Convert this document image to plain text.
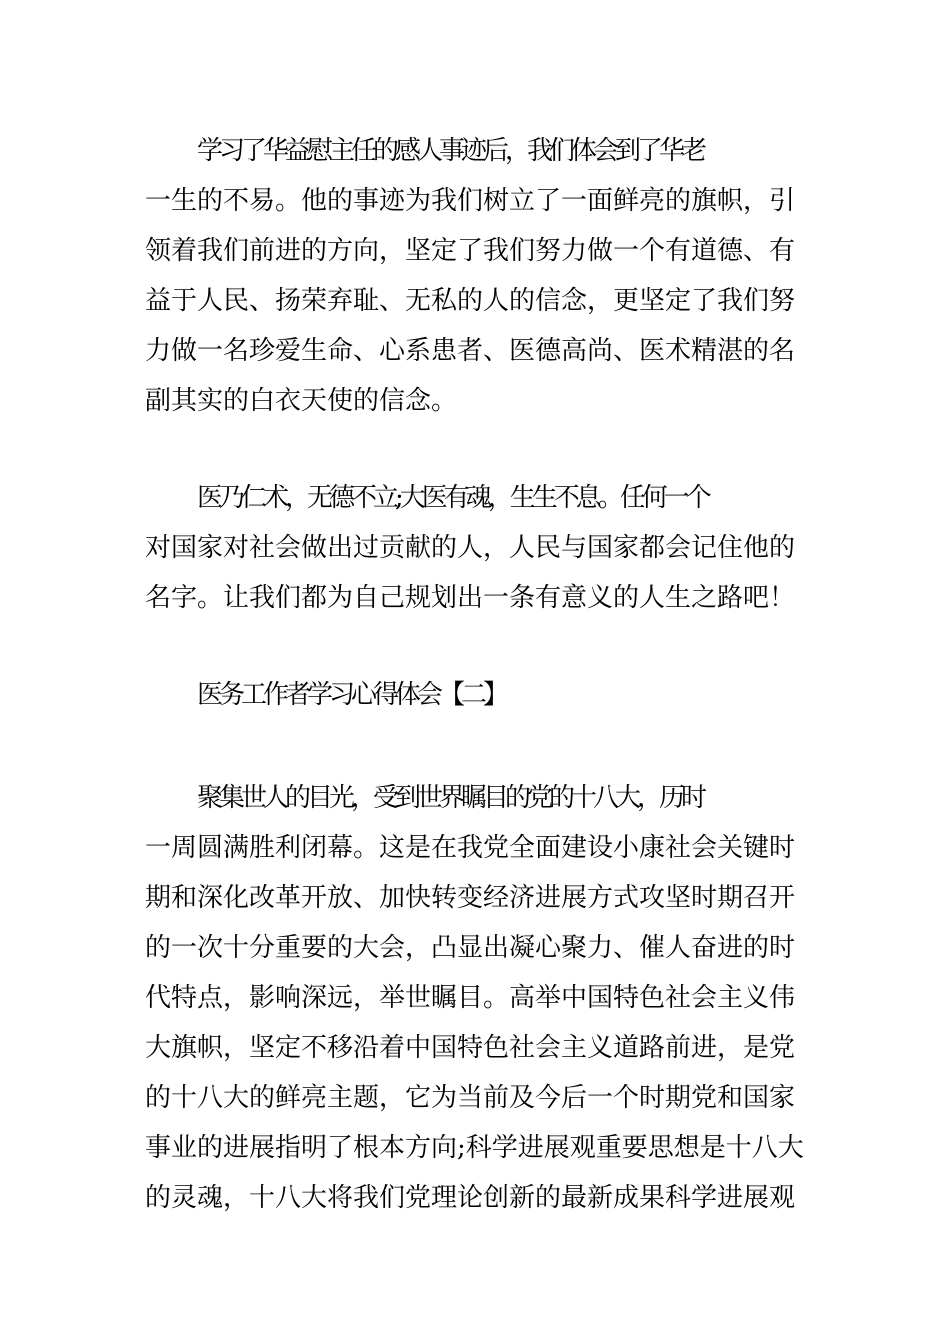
学习了华益慰主任的感人事迹后，我们体会到了华老
一生的不易。他的事迹为我们树立了一面鲜亮的旗帜，引
领着我们前进的方向，坚定了我们努力做一个有道德、有
益于人民、扬荣弃耻、无私的人的信念，更坚定了我们努
力做一名珍爱生命、心系患者、医德高尚、医术精湛的名
副其实的白衣天使的信念。
医乃仁术，无德不立;大医有魂，生生不息。任何一个
对国家对社会做出过贡献的人，人民与国家都会记住他的
名字。让我们都为自己规划出一条有意义的人生之路吧！
医务工作者学习心得体会【二】
聚集世人的目光，受到世界瞩目的党的十八大，历时
一周圆满胜利闭幕。这是在我党全面建设小康社会关键时
期和深化改革开放、加快转变经济进展方式攻坚时期召开
的一次十分重要的大会，凸显出凝心聚力、催人奋进的时
代特点，影响深远，举世瞩目。高举中国特色社会主义伟
大旗帜，坚定不移沿着中国特色社会主义道路前进，是党
的十八大的鲜亮主题，它为当前及今后一个时期党和国家
事业的进展指明了根本方向;科学进展观重要思想是十八大
的灵魂，十八大将我们党理论创新的最新成果科学进展观
